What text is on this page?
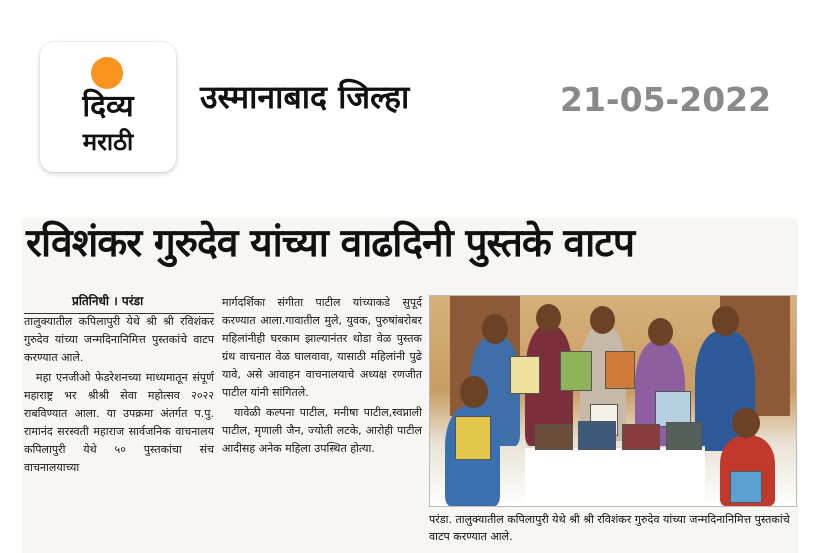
दिव्य
मराठी
उस्मानाबाद जिल्हा	21-05-2022
रविशंकर गुरुदेव यांच्या वाढदिनी पुस्तके वाटप
प्रतिनिधी । परंडा

तालुक्यातील कपिलापुरी येथे श्री श्री रविशंकर गुरुदेव यांच्या जन्मदिनानिमित्त पुस्तकांचे वाटप करण्यात आले.

महा एनजीओ फेडरेशनच्या माध्यमातून संपूर्ण महाराष्ट्र भर श्रीश्री सेवा महोत्सव २०२२ राबविण्यात आला. या उपक्रमा अंतर्गत प.पु. रामानंद सरस्वती महाराज सार्वजनिक वाचनालय कपिलापुरी येथे ५० पुस्तकांचा संच वाचनालयाच्या

मार्गदर्शिका संगीता पाटील यांच्याकडे सुपूर्द करण्यात आला.गावातील मुले, युवक, पुरुषांबरोबर महिलांनीही घरकाम झाल्यानंतर थोडा वेळ पुस्तक ग्रंथ वाचनात वेळ घालवावा, यासाठी महिलांनी पुढे यावे, असे आवाहन वाचनालयाचे अध्यक्ष रणजीत पाटील यांनी सांगितले.

यावेळी कल्पना पाटील, मनीषा पाटील,स्वप्नाली पाटील, मृणाली जैन, ज्योती लटके, आरोही पाटील आदीसह अनेक महिला उपस्थित होत्या.

परंडा. तालुक्यातील कपिलापुरी येथे श्री श्री रविशंकर गुरुदेव यांच्या जन्मदिनानिमित्त पुस्तकांचे वाटप करण्यात आले.
